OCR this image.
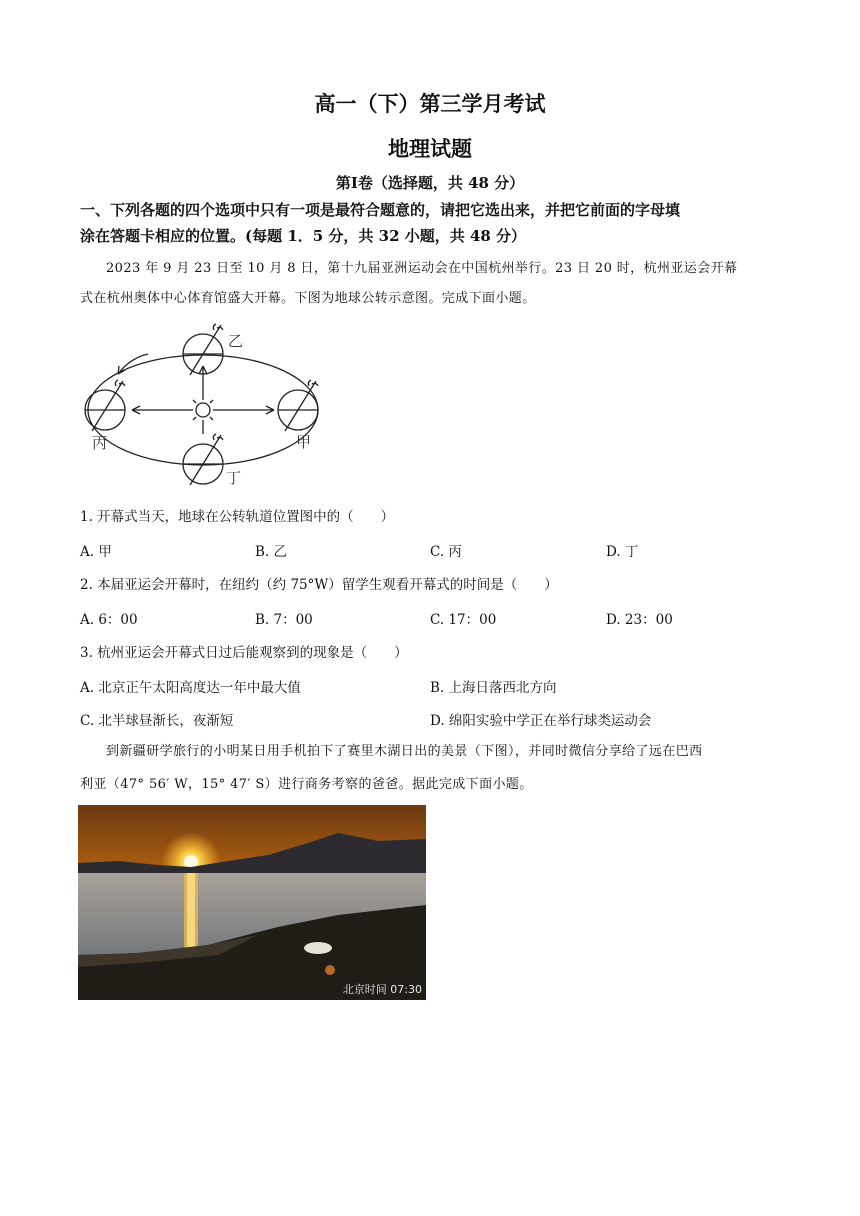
高一（下）第三学月考试
地理试题
第Ⅰ卷（选择题，共 48 分）
一、下列各题的四个选项中只有一项是最符合题意的，请把它选出来，并把它前面的字母填
涂在答题卡相应的位置。(每题 1．5 分，共 32 小题，共 48 分）
2023 年 9 月 23 日至 10 月 8 日，第十九届亚洲运动会在中国杭州举行。23 日 20 时，杭州亚运会开幕
式在杭州奥体中心体育馆盛大开幕。下图为地球公转示意图。完成下面小题。
乙
丙	甲
丁
1. 开幕式当天，地球在公转轨道位置图中的（　　）
A. 甲	B. 乙	C. 丙	D. 丁
2. 本届亚运会开幕时，在纽约（约 75°W）留学生观看开幕式的时间是（　　）
A. 6：00	B. 7：00	C. 17：00	D. 23：00
3. 杭州亚运会开幕式日过后能观察到的现象是（　　）
A. 北京正午太阳高度达一年中最大值	B. 上海日落西北方向
C. 北半球昼渐长，夜渐短	D. 绵阳实验中学正在举行球类运动会
到新疆研学旅行的小明某日用手机拍下了赛里木湖日出的美景（下图），并同时微信分享给了远在巴西
利亚（47° 56′ W，15° 47′ S）进行商务考察的爸爸。据此完成下面小题。
北京时间 07:30
